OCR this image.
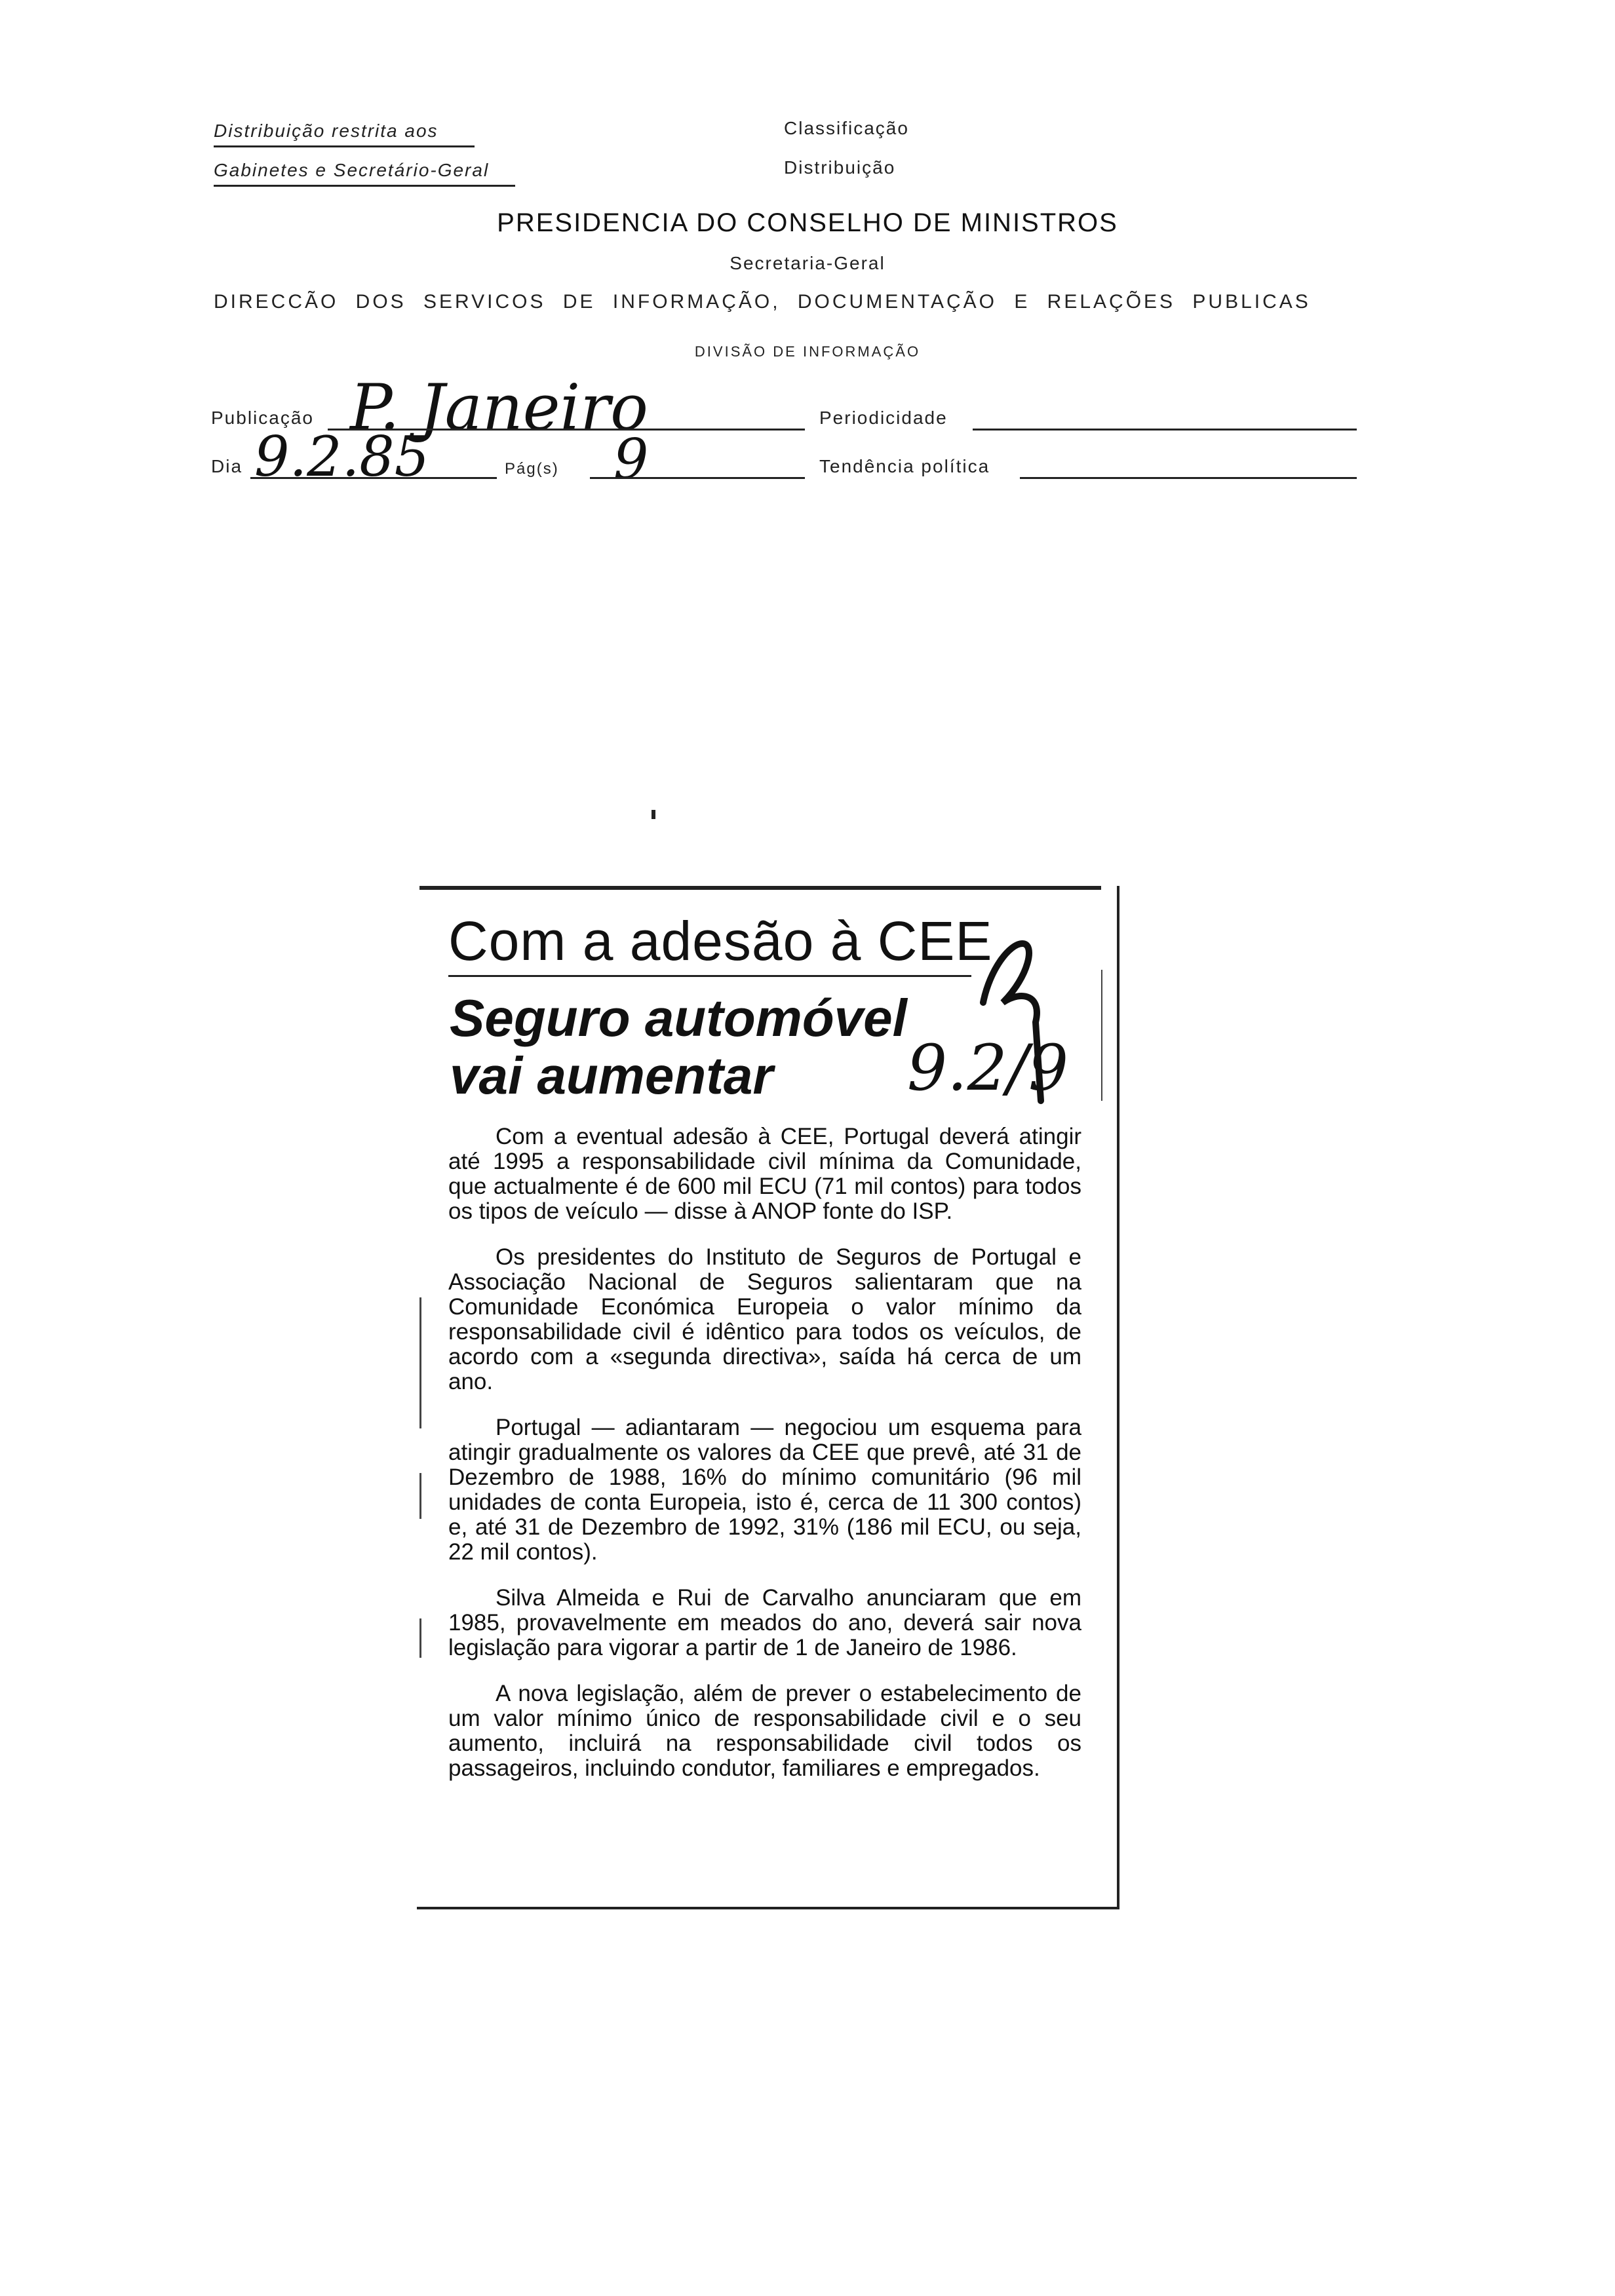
Distribuição restrita aos
Gabinetes e Secretário-Geral
Classificação
Distribuição
PRESIDENCIA DO CONSELHO DE MINISTROS
Secretaria-Geral
DIRECCÃO DOS SERVICOS DE INFORMAÇÃO, DOCUMENTAÇÃO E RELAÇÕES PUBLICAS
DIVISÃO DE INFORMAÇÃO
Publicação P. Janeiro	Periodicidade
Dia 9.2.85	Pág(s) 9	Tendência política
Com a adesão à CEE
Seguro automóvel
vai aumentar	9.2/9

Com a eventual adesão à CEE, Portugal deverá atingir até 1995 a responsabilidade civil mínima da Comunidade, que actualmente é de 600 mil ECU (71 mil contos) para todos os tipos de veículo — disse à ANOP fonte do ISP.

Os presidentes do Instituto de Seguros de Portugal e Associação Nacional de Seguros salientaram que na Comunidade Económica Europeia o valor mínimo da responsabilidade civil é idêntico para todos os veículos, de acordo com a «segunda directiva», saída há cerca de um ano.

Portugal — adiantaram — negociou um esquema para atingir gradualmente os valores da CEE que prevê, até 31 de Dezembro de 1988, 16% do mínimo comunitário (96 mil unidades de conta Europeia, isto é, cerca de 11 300 contos) e, até 31 de Dezembro de 1992, 31% (186 mil ECU, ou seja, 22 mil contos).

Silva Almeida e Rui de Carvalho anunciaram que em 1985, provavelmente em meados do ano, deverá sair nova legislação para vigorar a partir de 1 de Janeiro de 1986.

A nova legislação, além de prever o estabelecimento de um valor mínimo único de responsabilidade civil e o seu aumento, incluirá na responsabilidade civil todos os passageiros, incluindo condutor, familiares e empregados.
